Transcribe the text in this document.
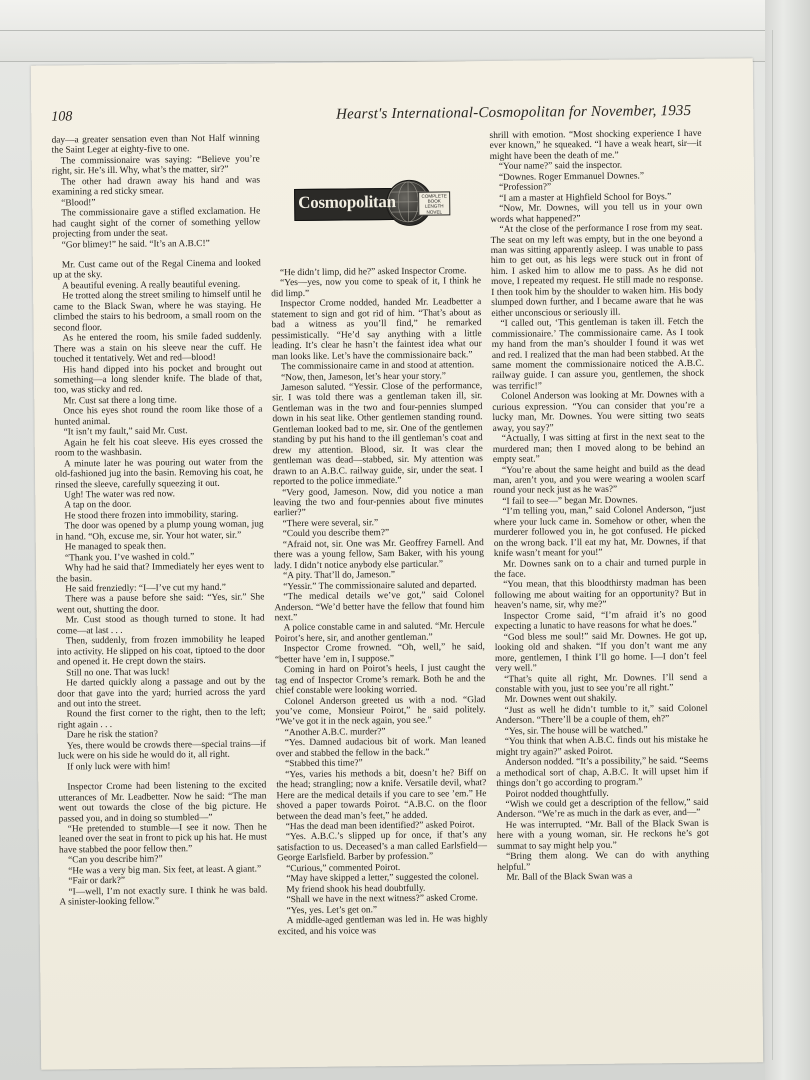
108	Hearst's International-Cosmopolitan for November, 1935
Cosmopolitan	COMPLETE
BOOK
LENGTH
NOVEL

day—a greater sensation even than Not Half winning the Saint Leger at eighty-five to one.

The commissionaire was saying: “Believe you’re right, sir. He’s ill. Why, what’s the matter, sir?”

The other had drawn away his hand and was examining a red sticky smear.

“Blood!”

The commissionaire gave a stifled exclamation. He had caught sight of the corner of something yellow projecting from under the seat.

“Gor blimey!” he said. “It’s an A.B.C!”

Mr. Cust came out of the Regal Cinema and looked up at the sky.

A beautiful evening. A really beautiful evening.

He trotted along the street smiling to himself until he came to the Black Swan, where he was staying. He climbed the stairs to his bedroom, a small room on the second floor.

As he entered the room, his smile faded suddenly. There was a stain on his sleeve near the cuff. He touched it tentatively. Wet and red—blood!

His hand dipped into his pocket and brought out something—a long slender knife. The blade of that, too, was sticky and red.

Mr. Cust sat there a long time.

Once his eyes shot round the room like those of a hunted animal.

“It isn’t my fault,” said Mr. Cust.

Again he felt his coat sleeve. His eyes crossed the room to the washbasin.

A minute later he was pouring out water from the old-fashioned jug into the basin. Removing his coat, he rinsed the sleeve, carefully squeezing it out.

Ugh! The water was red now.

A tap on the door.

He stood there frozen into immobility, staring.

The door was opened by a plump young woman, jug in hand. “Oh, excuse me, sir. Your hot water, sir.”

He managed to speak then.

“Thank you. I’ve washed in cold.”

Why had he said that? Immediately her eyes went to the basin.

He said frenziedly: “I—I’ve cut my hand.”

There was a pause before she said: “Yes, sir.” She went out, shutting the door.

Mr. Cust stood as though turned to stone. It had come—at last . . .

Then, suddenly, from frozen immobility he leaped into activity. He slipped on his coat, tiptoed to the door and opened it. He crept down the stairs.

Still no one. That was luck!

He darted quickly along a passage and out by the door that gave into the yard; hurried across the yard and out into the street.

Round the first corner to the right, then to the left; right again . . .

Dare he risk the station?

Yes, there would be crowds there—special trains—if luck were on his side he would do it, all right.

If only luck were with him!

Inspector Crome had been listening to the excited utterances of Mr. Leadbetter. Now he said: “The man went out towards the close of the big picture. He passed you, and in doing so stumbled—”

“He pretended to stumble—I see it now. Then he leaned over the seat in front to pick up his hat. He must have stabbed the poor fellow then.”

“Can you describe him?”

“He was a very big man. Six feet, at least. A giant.”

“Fair or dark?”

“I—well, I’m not exactly sure. I think he was bald. A sinister-looking fellow.”

“He didn’t limp, did he?” asked Inspector Crome.

“Yes—yes, now you come to speak of it, I think he did limp.”

Inspector Crome nodded, handed Mr. Leadbetter a statement to sign and got rid of him. “That’s about as bad a witness as you’ll find,” he remarked pessimistically. “He’d say anything with a little leading. It’s clear he hasn’t the faintest idea what our man looks like. Let’s have the commissionaire back.”

The commissionaire came in and stood at attention.

“Now, then, Jameson, let’s hear your story.”

Jameson saluted. “Yessir. Close of the performance, sir. I was told there was a gentleman taken ill, sir. Gentleman was in the two and four-pennies slumped down in his seat like. Other gentlemen standing round. Gentleman looked bad to me, sir. One of the gentlemen standing by put his hand to the ill gentleman’s coat and drew my attention. Blood, sir. It was clear the gentleman was dead—stabbed, sir. My attention was drawn to an A.B.C. railway guide, sir, under the seat. I reported to the police immediate.”

“Very good, Jameson. Now, did you notice a man leaving the two and four-pennies about five minutes earlier?”

“There were several, sir.”

“Could you describe them?”

“Afraid not, sir. One was Mr. Geoffrey Farnell. And there was a young fellow, Sam Baker, with his young lady. I didn’t notice anybody else particular.”

“A pity. That’ll do, Jameson.”

“Yessir.” The commissionaire saluted and departed.

“The medical details we’ve got,” said Colonel Anderson. “We’d better have the fellow that found him next.”

A police constable came in and saluted. “Mr. Hercule Poirot’s here, sir, and another gentleman.”

Inspector Crome frowned. “Oh, well,” he said, “better have ’em in, I suppose.”

Coming in hard on Poirot’s heels, I just caught the tag end of Inspector Crome’s remark. Both he and the chief constable were looking worried.

Colonel Anderson greeted us with a nod. “Glad you’ve come, Monsieur Poirot,” he said politely. “We’ve got it in the neck again, you see.”

“Another A.B.C. murder?”

“Yes. Damned audacious bit of work. Man leaned over and stabbed the fellow in the back.”

“Stabbed this time?”

“Yes, varies his methods a bit, doesn’t he? Biff on the head; strangling; now a knife. Versatile devil, what? Here are the medical details if you care to see ’em.” He shoved a paper towards Poirot. “A.B.C. on the floor between the dead man’s feet,” he added.

“Has the dead man been identified?” asked Poirot.

“Yes. A.B.C.’s slipped up for once, if that’s any satisfaction to us. Deceased’s a man called Earlsfield—George Earlsfield. Barber by profession.”

“Curious,” commented Poirot.

“May have skipped a letter,” suggested the colonel.

My friend shook his head doubtfully.

“Shall we have in the next witness?” asked Crome.

“Yes, yes. Let’s get on.”

A middle-aged gentleman was led in. He was highly excited, and his voice was

shrill with emotion. “Most shocking experience I have ever known,” he squeaked. “I have a weak heart, sir—it might have been the death of me.”

“Your name?” said the inspector.

“Downes. Roger Emmanuel Downes.”

“Profession?”

“I am a master at Highfield School for Boys.”

“Now, Mr. Downes, will you tell us in your own words what happened?”

“At the close of the performance I rose from my seat. The seat on my left was empty, but in the one beyond a man was sitting apparently asleep. I was unable to pass him to get out, as his legs were stuck out in front of him. I asked him to allow me to pass. As he did not move, I repeated my request. He still made no response. I then took him by the shoulder to waken him. His body slumped down further, and I became aware that he was either unconscious or seriously ill.

“I called out, ‘This gentleman is taken ill. Fetch the commissionaire.’ The commissionaire came. As I took my hand from the man’s shoulder I found it was wet and red. I realized that the man had been stabbed. At the same moment the commissionaire noticed the A.B.C. railway guide. I can assure you, gentlemen, the shock was terrific!”

Colonel Anderson was looking at Mr. Downes with a curious expression. “You can consider that you’re a lucky man, Mr. Downes. You were sitting two seats away, you say?”

“Actually, I was sitting at first in the next seat to the murdered man; then I moved along to be behind an empty seat.”

“You’re about the same height and build as the dead man, aren’t you, and you were wearing a woolen scarf round your neck just as he was?”

“I fail to see—” began Mr. Downes.

“I’m telling you, man,” said Colonel Anderson, “just where your luck came in. Somehow or other, when the murderer followed you in, he got confused. He picked on the wrong back. I’ll eat my hat, Mr. Downes, if that knife wasn’t meant for you!”

Mr. Downes sank on to a chair and turned purple in the face.

“You mean, that this bloodthirsty madman has been following me about waiting for an opportunity? But in heaven’s name, sir, why me?”

Inspector Crome said, “I’m afraid it’s no good expecting a lunatic to have reasons for what he does.”

“God bless me soul!” said Mr. Downes. He got up, looking old and shaken. “If you don’t want me any more, gentlemen, I think I’ll go home. I—I don’t feel very well.”

“That’s quite all right, Mr. Downes. I’ll send a constable with you, just to see you’re all right.”

Mr. Downes went out shakily.

“Just as well he didn’t tumble to it,” said Colonel Anderson. “There’ll be a couple of them, eh?”

“Yes, sir. The house will be watched.”

“You think that when A.B.C. finds out his mistake he might try again?” asked Poirot.

Anderson nodded. “It’s a possibility,” he said. “Seems a methodical sort of chap, A.B.C. It will upset him if things don’t go according to program.”

Poirot nodded thoughtfully.

“Wish we could get a description of the fellow,” said Anderson. “We’re as much in the dark as ever, and—”

He was interrupted. “Mr. Ball of the Black Swan is here with a young woman, sir. He reckons he’s got summat to say might help you.”

“Bring them along. We can do with anything helpful.”

Mr. Ball of the Black Swan was a
